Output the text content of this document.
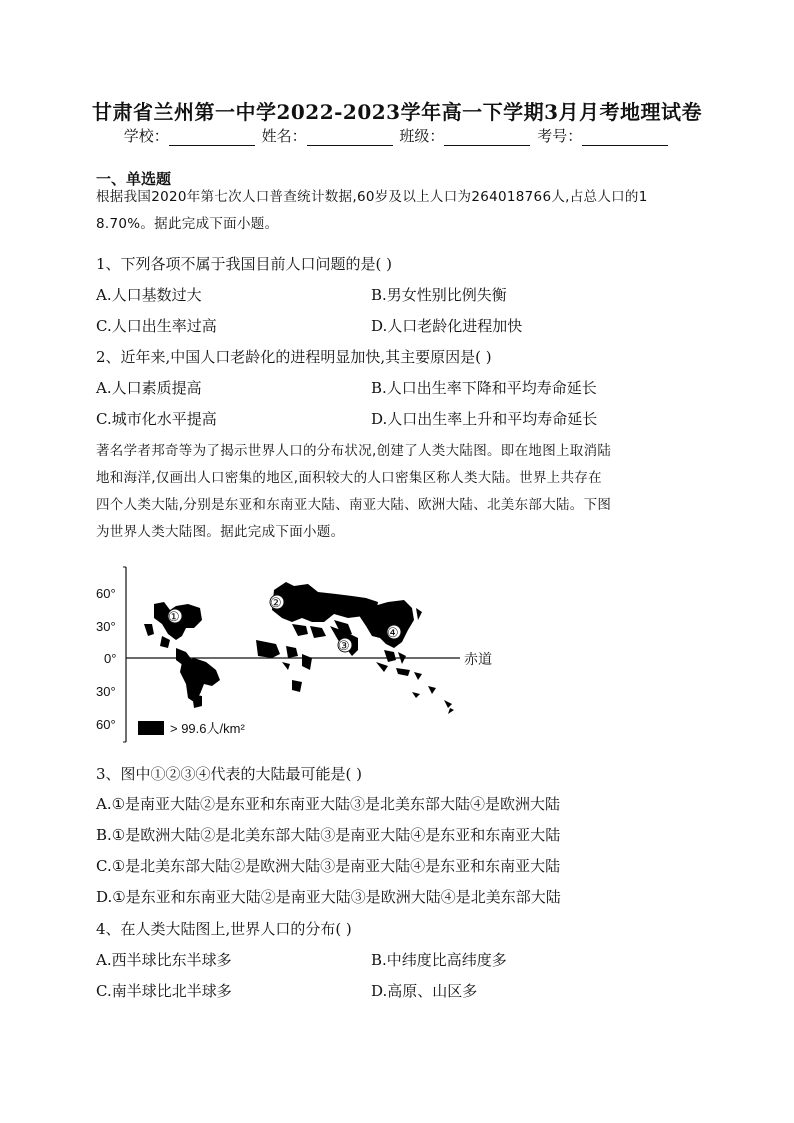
甘肃省兰州第一中学2022-2023学年高一下学期3月月考地理试卷
学校：	姓名：	班级：	考号：
一、单选题
根据我国2020年第七次人口普查统计数据,60岁及以上人口为264018766人,占总人口的1
8.70%。据此完成下面小题。
1、下列各项不属于我国目前人口问题的是( )
A.人口基数过大	B.男女性别比例失衡
C.人口出生率过高	D.人口老龄化进程加快
2、近年来,中国人口老龄化的进程明显加快,其主要原因是( )
A.人口素质提高	B.人口出生率下降和平均寿命延长
C.城市化水平提高	D.人口出生率上升和平均寿命延长
著名学者邦奇等为了揭示世界人口的分布状况,创建了人类大陆图。即在地图上取消陆
地和海洋,仅画出人口密集的地区,面积较大的人口密集区称人类大陆。世界上共存在
四个人类大陆,分别是东亚和东南亚大陆、南亚大陆、欧洲大陆、北美东部大陆。下图
为世界人类大陆图。据此完成下面小题。
60°
30°
0°
30°
60°
赤道
①
②
③
④
> 99.6人/km²
3、图中①②③④代表的大陆最可能是( )
A.①是南亚大陆②是东亚和东南亚大陆③是北美东部大陆④是欧洲大陆
B.①是欧洲大陆②是北美东部大陆③是南亚大陆④是东亚和东南亚大陆
C.①是北美东部大陆②是欧洲大陆③是南亚大陆④是东亚和东南亚大陆
D.①是东亚和东南亚大陆②是南亚大陆③是欧洲大陆④是北美东部大陆
4、在人类大陆图上,世界人口的分布( )
A.西半球比东半球多	B.中纬度比高纬度多
C.南半球比北半球多	D.高原、山区多
